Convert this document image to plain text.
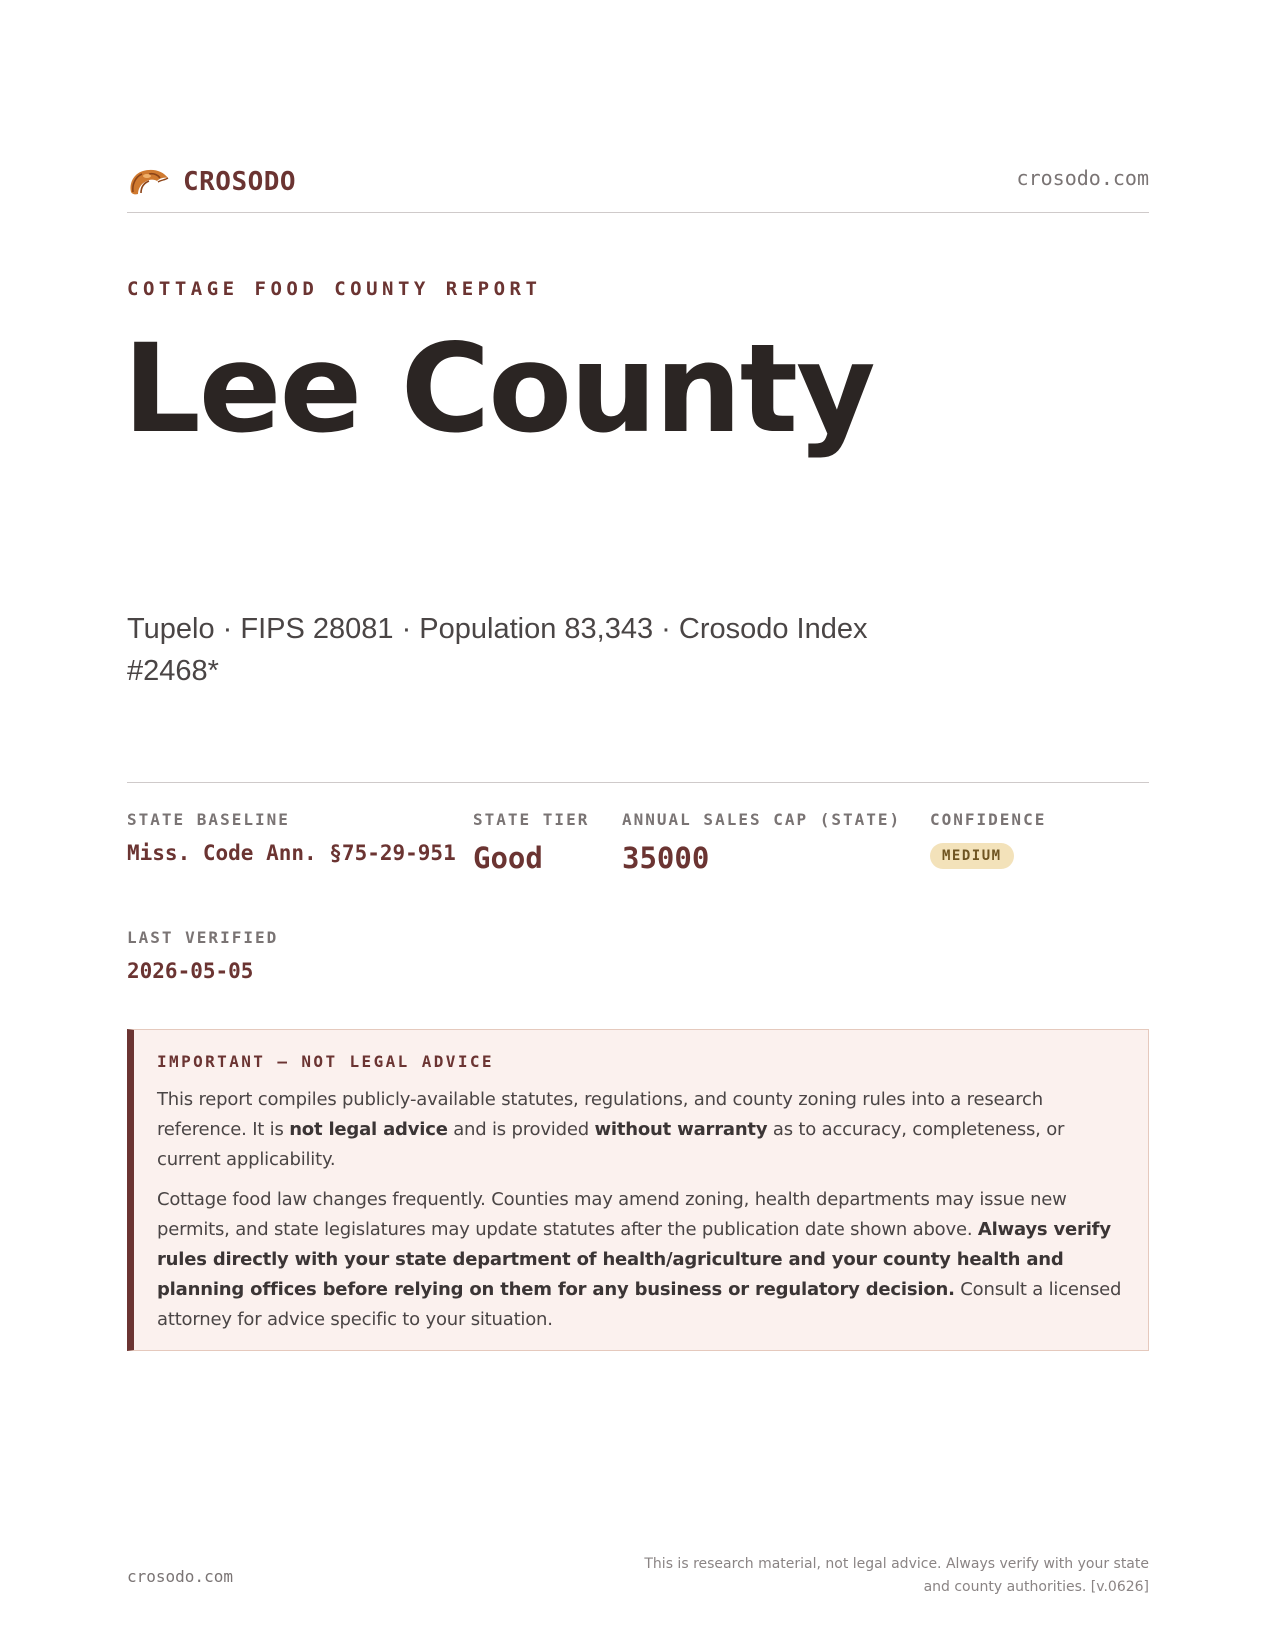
CROSODO	crosodo.com
COTTAGE FOOD COUNTY REPORT
Lee County

Tupelo · FIPS 28081 · Population 83,343 · Crosodo Index #2468*

STATE BASELINE
Miss. Code Ann. §75-29-951
STATE TIER
Good
ANNUAL SALES CAP (STATE)
35000
CONFIDENCE
MEDIUM
LAST VERIFIED
2026-05-05
IMPORTANT — NOT LEGAL ADVICE

This report compiles publicly-available statutes, regulations, and county zoning rules into a research reference. It is not legal advice and is provided without warranty as to accuracy, completeness, or current applicability.

Cottage food law changes frequently. Counties may amend zoning, health departments may issue new permits, and state legislatures may update statutes after the publication date shown above. Always verify rules directly with your state department of health/agriculture and your county health and planning offices before relying on them for any business or regulatory decision. Consult a licensed attorney for advice specific to your situation.

crosodo.com
This is research material, not legal advice. Always verify with your state and county authorities. [v.0626]
